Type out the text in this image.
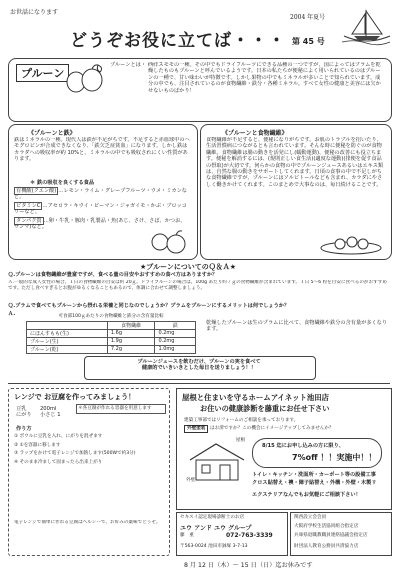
お世話になります
2004 年夏号
どうぞお役に立てば・・・ 第 45 号
プルーン
プルーンとは・・・
西洋スモモの一種。その中でもドライフルーツにできる品種の一つですが、国によってはプラムを乾燥したものもプルーンと呼んでいるようです。日本の私たちが便秘によく用いられているのはプルーンの一種で、甘い味わいが特徴です。しかし果物の中でもミネラルが多いことで知られています。成分の中でも、注目されているのが食物繊維・鉄分・各種ミネラル。すべて女性の健康と美容には欠かせないものばかり！
《プルーンと鉄》
鉄はミネラルの一種。現代人は鉄が不足がちです。不足すると赤血球中のヘモグロビンが合成できなくなり、「鉄欠乏症貧血」になります。しかし鉄はカラダへの吸収率が約 10%と、ミネラルの中でも吸収されにくい性質があります。
＊ 鉄の吸収を良くする食品
有機酸(クエン酸) …レモン・ライム・グレープフルーツ・ウメ・ミカンなど。
ビタミンC …アセロラ・キウイ・ピーマン・ジャガイモ・かぶ・ブロッコリーなど。
タンパク質 …卵・牛乳・豚肉・乳製品・魚(あじ、さけ、さば、かつお、サンマ)など。
《プルーンと食物繊維》
食物繊維が不足すると、便秘になりがちです。お肌のトラブルを招いたり、生活習慣病につながるとも言われています。そんな時に便秘を防ぐのが食物繊維。食物繊維は腸の動きを活発にし(蠕動運動)、便秘の改善にも役立ちます。便秘を解消するには、(規則正しい食生活)(適度な運動)(排便を促す食品の摂取)が大切です。何らかの食物の中でプルーンジュースあるいはエキス類は、自然な腸の動きをサポートしてくれます。日頃の食事の中で不足しがちな食物繊維ですが、プルーンにはソルビトールなども含まれ、カラダにやさしく働きかけてくれます。このまとめで大事なのは、毎日続けることです。
★プルーンについてのＱ＆Ａ★
Ｑ.プルーンは食物繊維が豊富ですが、食べる量の目安やおすすめの食べ方はありますか？
Ａ.一般的な成人女性の場合、１日の食物繊維の目安は約 20ｇ。ドライプルーンの場合は、100g あたり約７ｇの食物繊維が含まれています。１日 5〜6 粒を目安に食べるのがおすすめです。ただし食べすぎるとお腹がゆるくなることもあるので、体調に合わせて調整しましょう。
Ｑ.プラムで食べてもプルーンから摂れる栄養と同じなのでしょうか？プラムをプルーンにするメリットは何でしょうか？
Ａ.	可食部100ｇあたりの食物繊維と鉄分の含有量比較
	食物繊維	鉄
にほんすもも(生)	1.6g	0.2mg
プルーン(生)	1.9g	0.2mg
プルーン(乾)	7.2g	1.0mg
乾燥したプルーンは生のプラムに比べて、食物繊維や鉄分の含有量が多くなります。
プルーンジュースを飲むだけ、プルーンの実を食べて
健康的でいきいきとした毎日を送りましょう！！
レンジで お豆腐を作ってみましょう！
豆乳	200ml
にがり	小さじ 1
＊各豆腐が作れる容器を用意します
作り方
① ボウルに豆乳を入れ、にがりを混ぜます
② ①を容器に移します
③ ラップをかけて電子レンジで加熱します(500Wで約3分)
④ そのまま冷まして固まったら出来上がり
電子レンジで簡単に作れる豆腐はヘルシーで、お好みの薬味でどうぞ。
屋根と住まいを守るホームアイネット池田店
お住いの健康診断を藤重にお任せ下さい
建築工事部ではリフォームのご相談を承っております。
外壁塗装	はお済ですか？この機会にイメージアップしてみませんか？
屋根
外壁
8/15 迄にお申し込みの方に限り、
7%off ！！実施中！！
トイレ・キッチン・洗面所・カーポート等の設備工事
クロス貼替え・襖・障子貼替え・外構・外壁・木製リ
エクステリアなんでもお気軽にご相談下さい！
セキスイ認定現場診断士のお店
ユウ アンド ユウ グループ
藤　重	072-763-3339
〒563-0024 池田市鉢塚 3-7-13
関西設立会会員
大阪府学校生活協同組合指定店
兵庫県退職教職員連絡協議会指定店
財団法人教育公務員共済協力店
8 月 12 日（木）〜 15 日（日）迄お休みです
